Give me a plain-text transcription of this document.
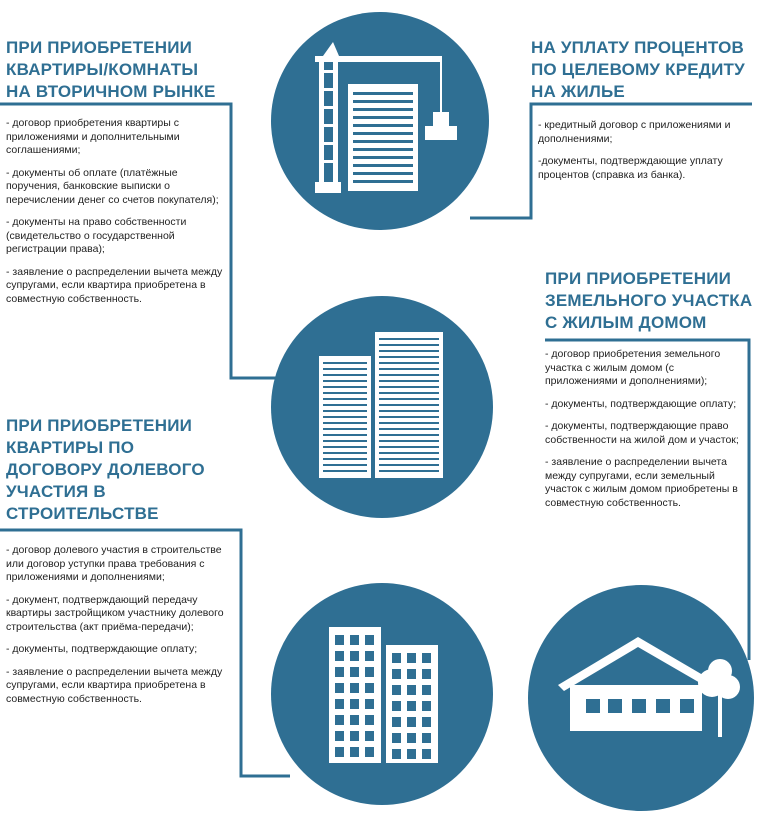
ПРИ ПРИОБРЕТЕНИИ
КВАРТИРЫ/КОМНАТЫ
НА ВТОРИЧНОМ РЫНКЕ
- договор приобретения квартиры с приложениями и дополнительными соглашениями;
- документы об оплате (платёжные поручения, банковские выписки о перечислении денег со счетов покупателя);
- документы на право собственности (свидетельство о государственной регистрации права);
- заявление о распределении вычета между супругами, если квартира приобретена в совместную собственность.
НА УПЛАТУ ПРОЦЕНТОВ
ПО ЦЕЛЕВОМУ КРЕДИТУ
НА ЖИЛЬЕ
- кредитный договор с приложениями и дополнениями;
-документы, подтверждающие уплату процентов (справка из банка).
ПРИ ПРИОБРЕТЕНИИ
ЗЕМЕЛЬНОГО УЧАСТКА
С ЖИЛЫМ ДОМОМ
- договор приобретения земельного участка с жилым домом (с приложениями и дополнениями);
- документы, подтверждающие оплату;
- документы, подтверждающие право собственности на жилой дом и участок;
- заявление о распределении вычета между супругами, если земельный участок с жилым домом приобретены в совместную собственность.
ПРИ ПРИОБРЕТЕНИИ
КВАРТИРЫ ПО
ДОГОВОРУ ДОЛЕВОГО
УЧАСТИЯ В
СТРОИТЕЛЬСТВЕ
- договор долевого участия в строительстве или договор уступки права требования с приложениями и дополнениями;
- документ, подтверждающий передачу квартиры застройщиком участнику долевого строительства (акт приёма-передачи);
- документы, подтверждающие оплату;
- заявление о распределении вычета между супругами, если квартира приобретена в совместную собственность.
